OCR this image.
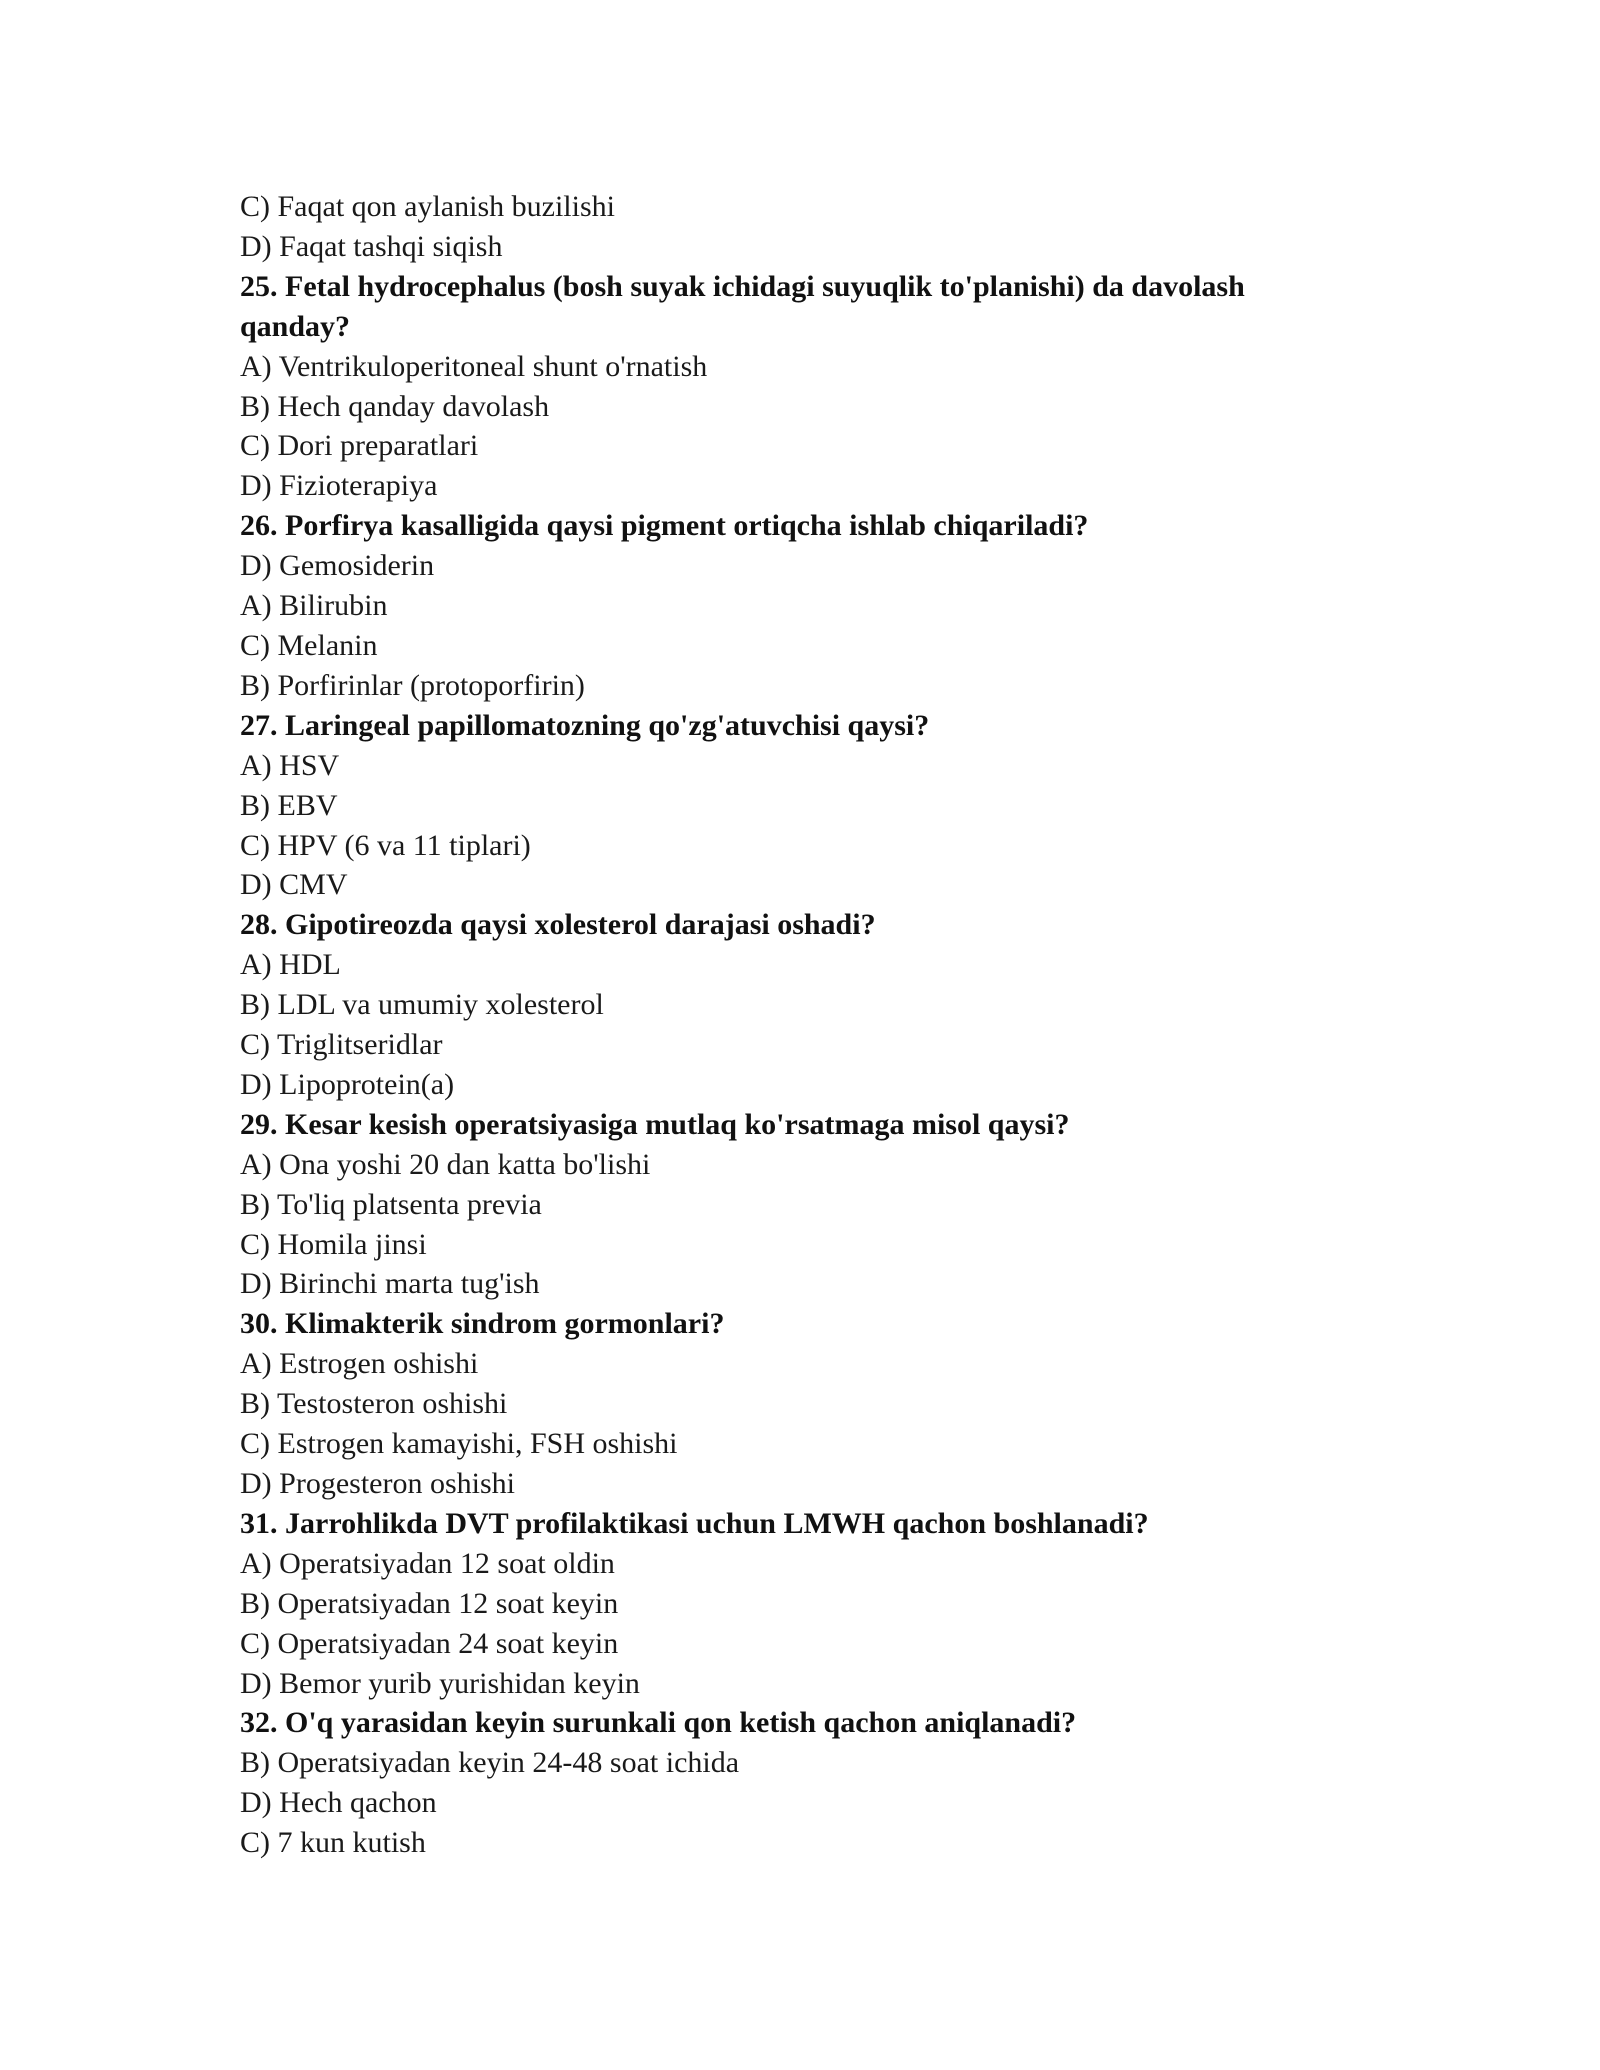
C) Faqat qon aylanish buzilishi
D) Faqat tashqi siqish
25. Fetal hydrocephalus (bosh suyak ichidagi suyuqlik to'planishi) da davolash qanday?
A) Ventrikuloperitoneal shunt o'rnatish
B) Hech qanday davolash
C) Dori preparatlari
D) Fizioterapiya
26. Porfirya kasalligida qaysi pigment ortiqcha ishlab chiqariladi?
D) Gemosiderin
A) Bilirubin
C) Melanin
B) Porfirinlar (protoporfirin)
27. Laringeal papillomatozning qo'zg'atuvchisi qaysi?
A) HSV
B) EBV
C) HPV (6 va 11 tiplari)
D) CMV
28. Gipotireozda qaysi xolesterol darajasi oshadi?
A) HDL
B) LDL va umumiy xolesterol
C) Triglitseridlar
D) Lipoprotein(a)
29. Kesar kesish operatsiyasiga mutlaq ko'rsatmaga misol qaysi?
A) Ona yoshi 20 dan katta bo'lishi
B) To'liq platsenta previa
C) Homila jinsi
D) Birinchi marta tug'ish
30. Klimakterik sindrom gormonlari?
A) Estrogen oshishi
B) Testosteron oshishi
C) Estrogen kamayishi, FSH oshishi
D) Progesteron oshishi
31. Jarrohlikda DVT profilaktikasi uchun LMWH qachon boshlanadi?
A) Operatsiyadan 12 soat oldin
B) Operatsiyadan 12 soat keyin
C) Operatsiyadan 24 soat keyin
D) Bemor yurib yurishidan keyin
32. O'q yarasidan keyin surunkali qon ketish qachon aniqlanadi?
B) Operatsiyadan keyin 24-48 soat ichida
D) Hech qachon
C) 7 kun kutish
